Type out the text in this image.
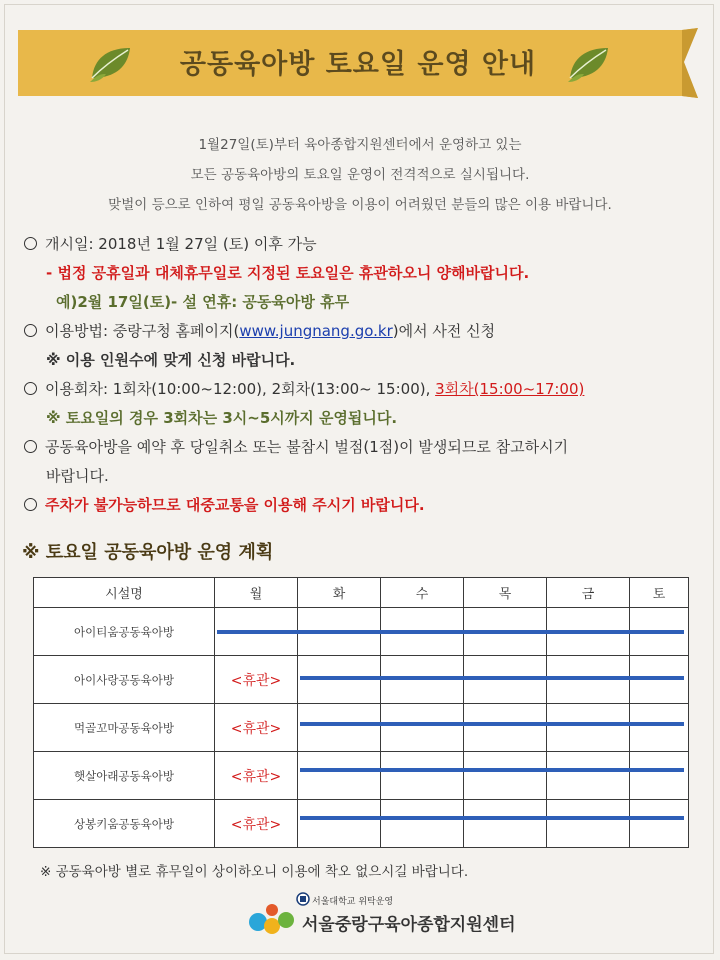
공동육아방 토요일 운영 안내
1월27일(토)부터 육아종합지원센터에서 운영하고 있는
모든 공동육아방의 토요일 운영이 전격적으로 실시됩니다.
맞벌이 등으로 인하여 평일 공동육아방을 이용이 어려웠던 분들의 많은 이용 바랍니다.
개시일: 2018년 1월 27일 (토) 이후 가능
- 법정 공휴일과 대체휴무일로 지정된 토요일은 휴관하오니 양해바랍니다.
예)2월 17일(토)- 설 연휴: 공동육아방 휴무
이용방법: 중랑구청 홈페이지(www.jungnang.go.kr)에서 사전 신청
※ 이용 인원수에 맞게 신청 바랍니다.
이용회차: 1회차(10:00~12:00), 2회차(13:00~ 15:00), 3회차(15:00~17:00)
※ 토요일의 경우 3회차는 3시~5시까지 운영됩니다.
공동육아방을 예약 후 당일취소 또는 불참시 벌점(1점)이 발생되므로 참고하시기
바랍니다.
주차가 불가능하므로 대중교통을 이용해 주시기 바랍니다.
※ 토요일 공동육아방 운영 계획
시설명	월	화	수	목	금	토
아이티움공동육아방						
아이사랑공동육아방	<휴관>					
먹골꼬마공동육아방	<휴관>					
햇살아래공동육아방	<휴관>					
상봉키움공동육아방	<휴관>					
※ 공동육아방 별로 휴무일이 상이하오니 이용에 착오 없으시길 바랍니다.
서울대학교 위탁운영
서울중랑구육아종합지원센터
